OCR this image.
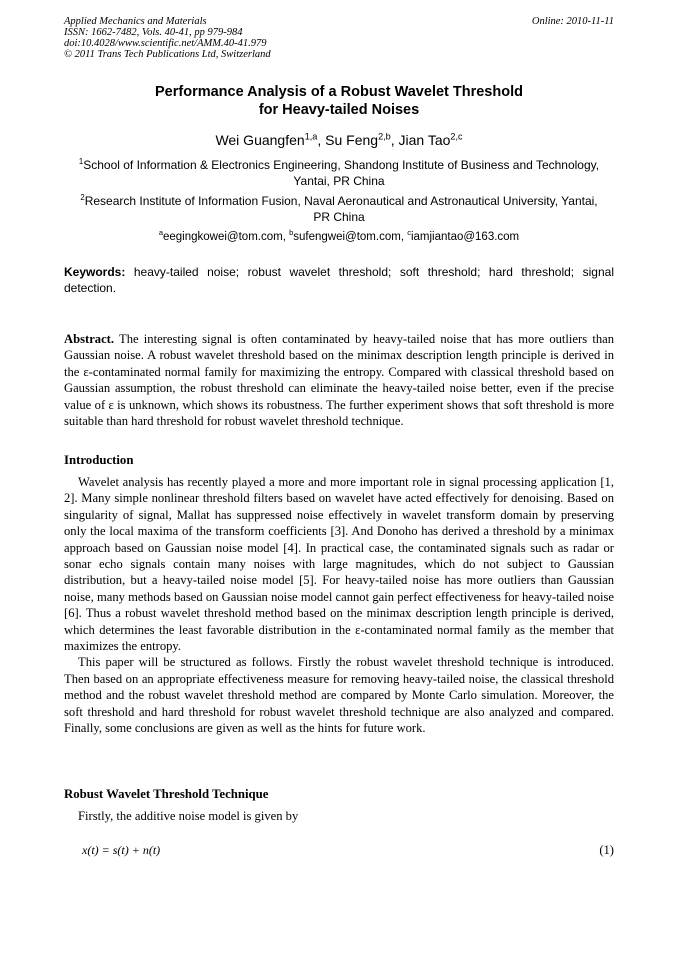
Applied Mechanics and Materials
ISSN: 1662-7482, Vols. 40-41, pp 979-984
doi:10.4028/www.scientific.net/AMM.40-41.979
© 2011 Trans Tech Publications Ltd, Switzerland
Online: 2010-11-11
Performance Analysis of a Robust Wavelet Threshold
for Heavy-tailed Noises
Wei Guangfen$^{1,a}$, Su Feng$^{2,b}$, Jian Tao$^{2,c}$
$^1$School of Information & Electronics Engineering, Shandong Institute of Business and Technology,
Yantai, PR China
$^2$Research Institute of Information Fusion, Naval Aeronautical and Astronautical University, Yantai,
PR China
$^a$eegingkowei@tom.com, $^b$sufengwei@tom.com, $^c$iamjiantao@163.com
Keywords: heavy-tailed noise; robust wavelet threshold; soft threshold; hard threshold; signal detection.
Abstract. The interesting signal is often contaminated by heavy-tailed noise that has more outliers than Gaussian noise. A robust wavelet threshold based on the minimax description length principle is derived in the ε-contaminated normal family for maximizing the entropy. Compared with classical threshold based on Gaussian assumption, the robust threshold can eliminate the heavy-tailed noise better, even if the precise value of ε is unknown, which shows its robustness. The further experiment shows that soft threshold is more suitable than hard threshold for robust wavelet threshold technique.
Introduction

Wavelet analysis has recently played a more and more important role in signal processing application [1, 2]. Many simple nonlinear threshold filters based on wavelet have acted effectively for denoising. Based on singularity of signal, Mallat has suppressed noise effectively in wavelet transform domain by preserving only the local maxima of the transform coefficients [3]. And Donoho has derived a threshold by a minimax approach based on Gaussian noise model [4]. In practical case, the contaminated signals such as radar or sonar echo signals contain many noises with large magnitudes, which do not subject to Gaussian distribution, but a heavy-tailed noise model [5]. For heavy-tailed noise has more outliers than Gaussian noise, many methods based on Gaussian noise model cannot gain perfect effectiveness for heavy-tailed noise [6]. Thus a robust wavelet threshold method based on the minimax description length principle is derived, which determines the least favorable distribution in the ε-contaminated normal family as the member that maximizes the entropy.

This paper will be structured as follows. Firstly the robust wavelet threshold technique is introduced. Then based on an appropriate effectiveness measure for removing heavy-tailed noise, the classical threshold method and the robust wavelet threshold method are compared by Monte Carlo simulation. Moreover, the soft threshold and hard threshold for robust wavelet threshold technique are also analyzed and compared. Finally, some conclusions are given as well as the hints for future work.

Robust Wavelet Threshold Technique
Firstly, the additive noise model is given by
x(t) = s(t) + n(t)	(1)
